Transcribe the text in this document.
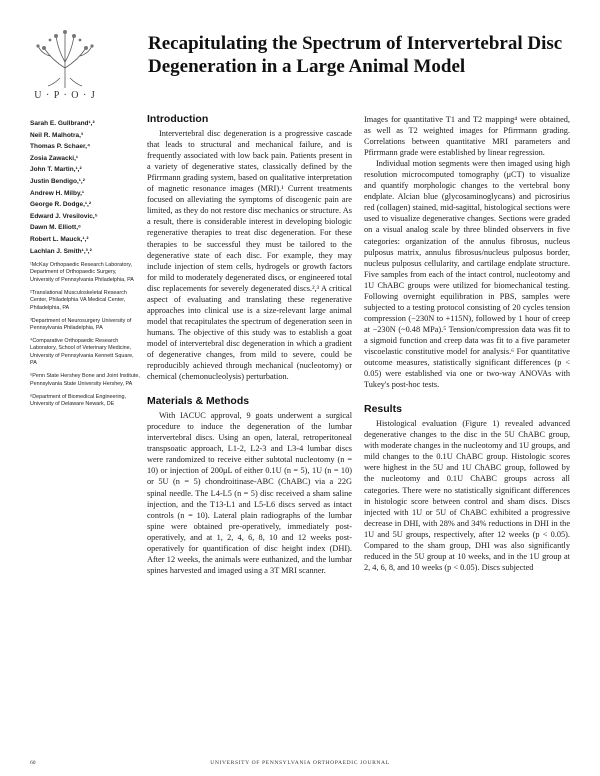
U · P · O · J
Recapitulating the Spectrum of Intervertebral Disc Degeneration in a Large Animal Model
Sarah E. Gullbrand¹,²
Neil R. Malhotra,³
Thomas P. Schaer,⁴
Zosia Zawacki,¹
John T. Martin,¹,²
Justin Bendigo,¹,²
Andrew H. Milby,¹
George R. Dodge,¹,²
Edward J. Vresilovic,⁵
Dawn M. Elliott,⁶
Robert L. Mauck,¹,²
Lachlan J. Smith¹,³,²
¹McKay Orthopaedic Research Laboratory, Department of Orthopaedic Surgery, University of Pennsylvania Philadelphia, PA
²Translational Musculoskeletal Research Center, Philadelphia VA Medical Center, Philadelphia, PA
³Department of Neurosurgery University of Pennsylvania Philadelphia, PA
⁴Comparative Orthopaedic Research Laboratory, School of Veterinary Medicine, University of Pennsylvania Kennett Square, PA
⁵Penn State Hershey Bone and Joint Institute, Pennsylvania State University Hershey, PA
⁶Department of Biomedical Engineering, University of Delaware Newark, DE
Introduction

Intervertebral disc degeneration is a progressive cascade that leads to structural and mechanical failure, and is frequently associated with low back pain. Patients present in a variety of degenerative states, classically defined by the Pfirrmann grading system, based on qualitative interpretation of magnetic resonance images (MRI).¹ Current treatments focused on alleviating the symptoms of discogenic pain are limited, as they do not restore disc mechanics or structure. As a result, there is considerable interest in developing biologic regenerative therapies to treat disc degeneration. For these therapies to be successful they must be tailored to the degenerative state of each disc. For example, they may include injection of stem cells, hydrogels or growth factors for mild to moderately degenerated discs, or engineered total disc replacements for severely degenerated discs.²,³ A critical aspect of evaluating and translating these regenerative approaches into clinical use is a size-relevant large animal model that recapitulates the spectrum of degeneration seen in humans. The objective of this study was to establish a goat model of intervertebral disc degeneration in which a gradient of degenerative changes, from mild to severe, could be reproducibly achieved through mechanical (nucleotomy) or chemical (chemonucleolysis) perturbation.

Materials & Methods

With IACUC approval, 9 goats underwent a surgical procedure to induce the degeneration of the lumbar intervertebral discs. Using an open, lateral, retroperitoneal transpsoatic approach, L1-2, L2-3 and L3-4 lumbar discs were randomized to receive either subtotal nucleotomy (n = 10) or injection of 200μL of either 0.1U (n = 5), 1U (n = 10) or 5U (n = 5) chondroitinase-ABC (ChABC) via a 22G spinal needle. The L4-L5 (n = 5) disc received a sham saline injection, and the T13-L1 and L5-L6 discs served as intact controls (n = 10). Lateral plain radiographs of the lumbar spine were obtained pre-operatively, immediately post-operatively, and at 1, 2, 4, 6, 8, 10 and 12 weeks post-operatively for quantification of disc height index (DHI). After 12 weeks, the animals were euthanized, and the lumbar spines harvested and imaged using a 3T MRI scanner.

Images for quantitative T1 and T2 mapping⁴ were obtained, as well as T2 weighted images for Pfirrmann grading. Correlations between quantitative MRI parameters and Pfirrmann grade were established by linear regression.

Individual motion segments were then imaged using high resolution microcomputed tomography (μCT) to visualize and quantify morphologic changes to the vertebral bony endplate. Alcian blue (glycosaminoglycans) and picrosirius red (collagen) stained, mid-sagittal, histological sections were used to visualize degenerative changes. Sections were graded on a visual analog scale by three blinded observers in five categories: organization of the annulus fibrosus, nucleus pulposus matrix, annulus fibrosus/nucleus pulposus border, nucleus pulposus cellularity, and cartilage endplate structure. Five samples from each of the intact control, nucleotomy and 1U ChABC groups were utilized for biomechanical testing. Following overnight equilibration in PBS, samples were subjected to a testing protocol consisting of 20 cycles tension compression (−230N to +115N), followed by 1 hour of creep at −230N (~0.48 MPa).⁵ Tension/compression data was fit to a sigmoid function and creep data was fit to a five parameter viscoelastic constitutive model for analysis.⁶ For quantitative outcome measures, statistically significant differences (p < 0.05) were established via one or two-way ANOVAs with Tukey's post-hoc tests.

Results

Histological evaluation (Figure 1) revealed advanced degenerative changes to the disc in the 5U ChABC group, with moderate changes in the nucleotomy and 1U groups, and mild changes to the 0.1U ChABC group. Histologic scores were highest in the 5U and 1U ChABC group, followed by the nucleotomy and 0.1U ChABC groups across all categories. There were no statistically significant differences in histologic score between control and sham discs. Discs injected with 1U or 5U of ChABC exhibited a progressive decrease in DHI, with 28% and 34% reductions in DHI in the 1U and 5U groups, respectively, after 12 weeks (p < 0.05). Compared to the sham group, DHI was also significantly reduced in the 5U group at 10 weeks, and in the 1U group at 2, 4, 6, 8, and 10 weeks (p < 0.05). Discs subjected

60	UNIVERSITY OF PENNSYLVANIA ORTHOPAEDIC JOURNAL
